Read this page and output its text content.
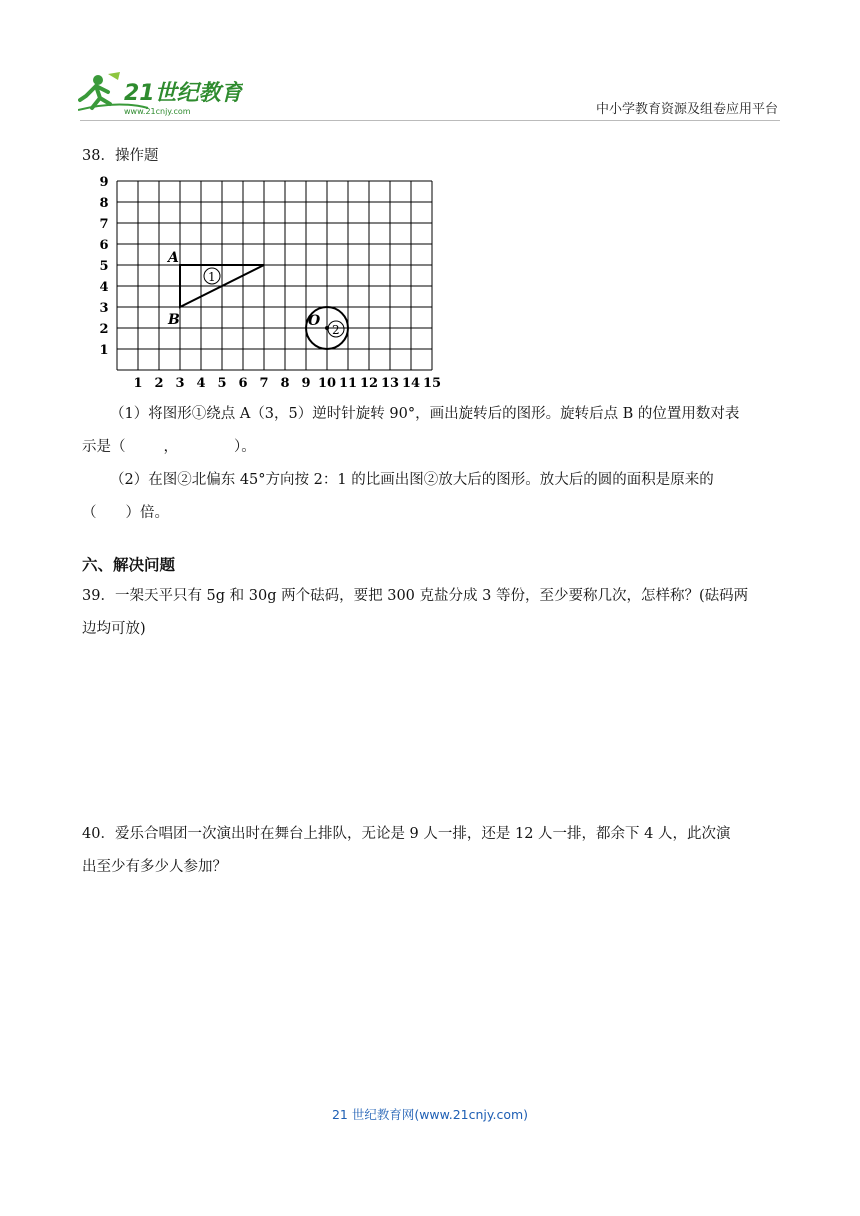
21世纪教育
www.21cnjy.com	中小学教育资源及组卷应用平台
38．操作题
1 2 3 4 5 6 7 8 9 10 11 12 13 14 15
1
2
3
4
5
6
7
8
9
1
A
B	O
2
（1）将图形①绕点 A（3，5）逆时针旋转 90°，画出旋转后的图形。旋转后点 B 的位置用数对表
示是（	，	）。
（2）在图②北偏东 45°方向按 2：1 的比画出图②放大后的图形。放大后的圆的面积是原来的
（　　）倍。
六、解决问题
39．一架天平只有 5g 和 30g 两个砝码，要把 300 克盐分成 3 等份，至少要称几次，怎样称？(砝码两
边均可放)
40．爱乐合唱团一次演出时在舞台上排队，无论是 9 人一排，还是 12 人一排，都余下 4 人，此次演
出至少有多少人参加？
21 世纪教育网(www.21cnjy.com)
